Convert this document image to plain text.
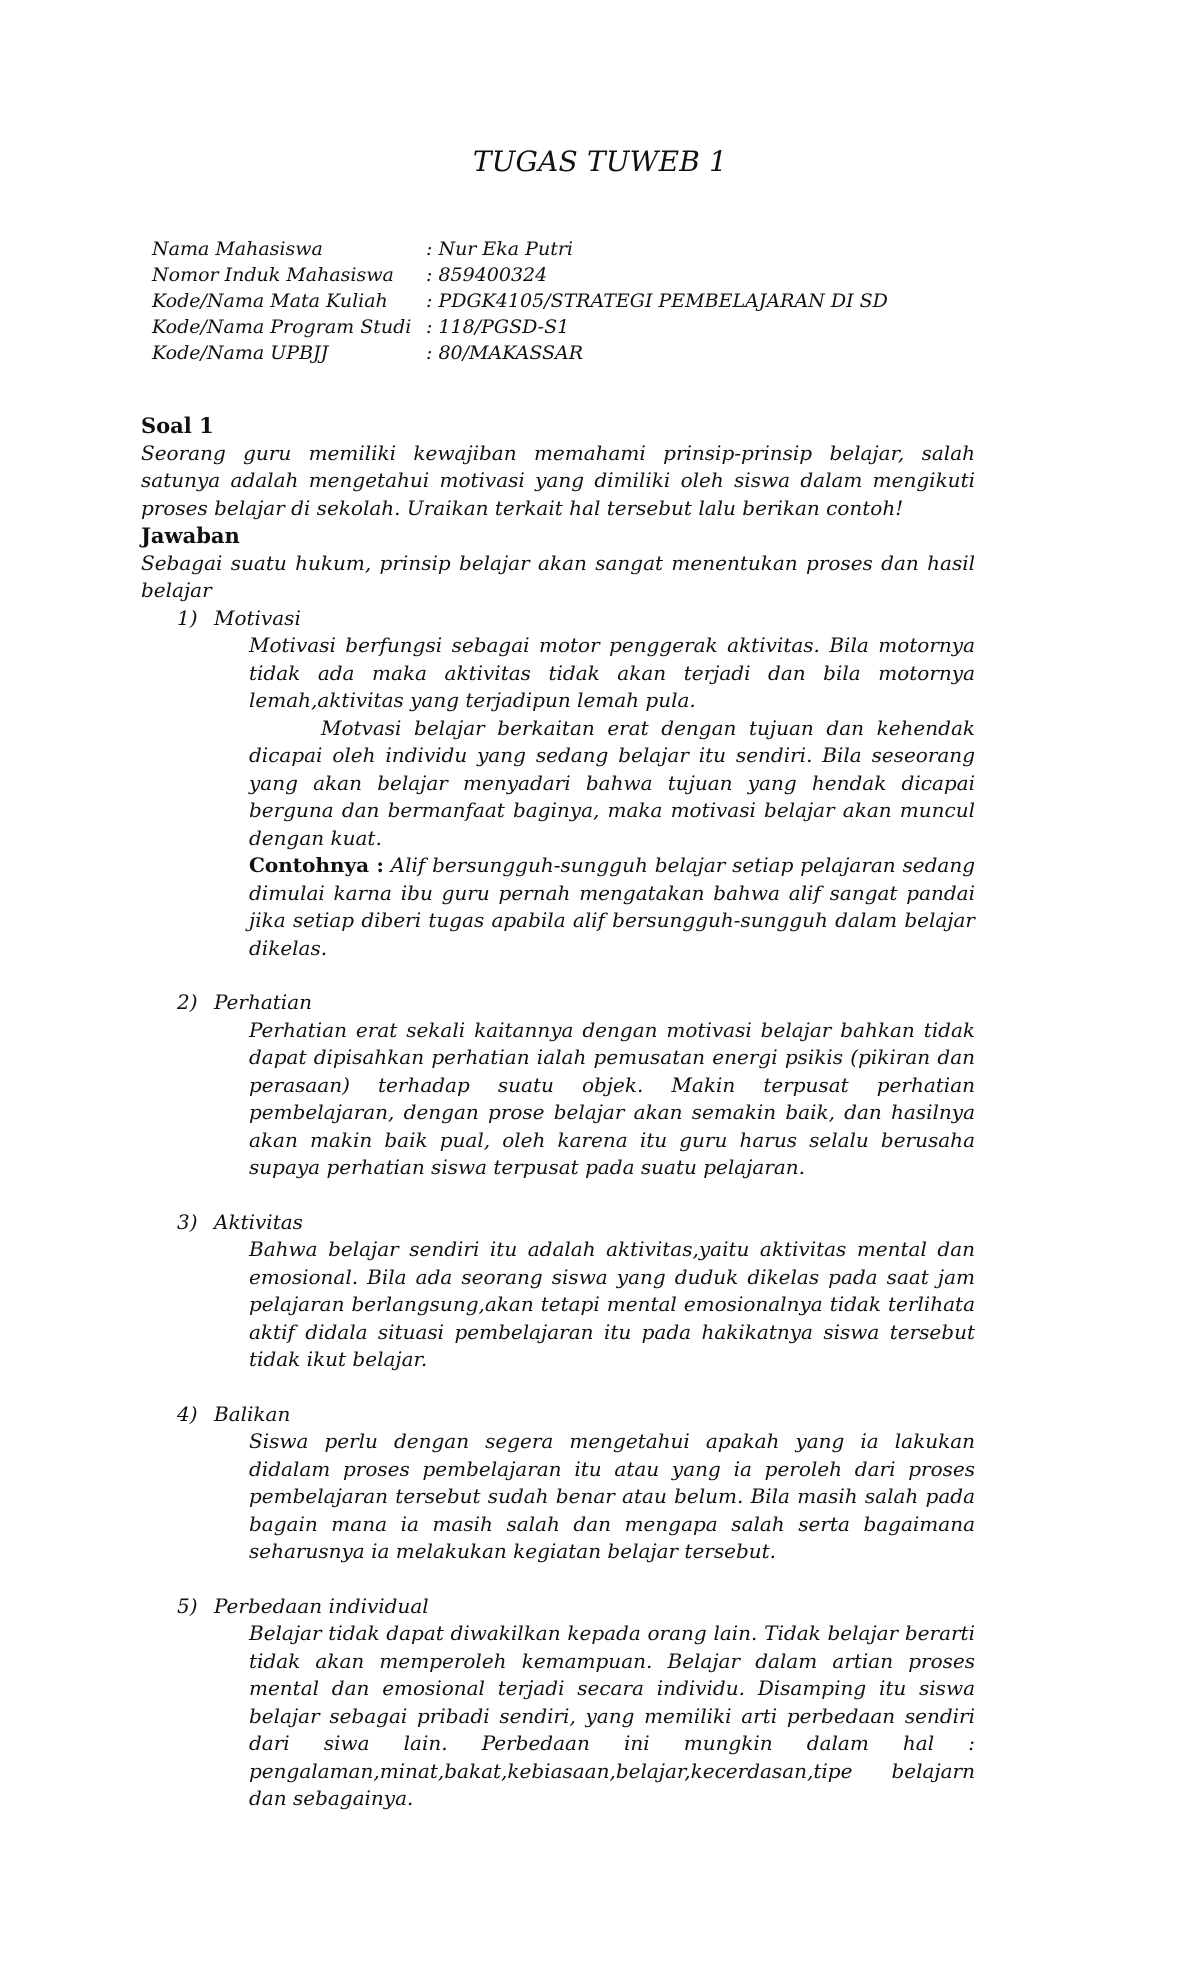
TUGAS TUWEB 1
Nama Mahasiswa	: Nur Eka Putri
Nomor Induk Mahasiswa	: 859400324
Kode/Nama Mata Kuliah	: PDGK4105/STRATEGI PEMBELAJARAN DI SD
Kode/Nama Program Studi : 118/PGSD-S1
Kode/Nama UPBJJ	: 80/MAKASSAR
Soal 1
Seorang guru memiliki kewajiban memahami prinsip-prinsip belajar, salah satunya adalah mengetahui motivasi yang dimiliki oleh siswa dalam mengikuti proses belajar di sekolah. Uraikan terkait hal tersebut lalu berikan contoh!
Jawaban
Sebagai suatu hukum, prinsip belajar akan sangat menentukan proses dan hasil belajar
1) Motivasi
Motivasi berfungsi sebagai motor penggerak aktivitas. Bila motornya tidak ada maka aktivitas tidak akan terjadi dan bila motornya lemah,aktivitas yang terjadipun lemah pula.
Motvasi belajar berkaitan erat dengan tujuan dan kehendak dicapai oleh individu yang sedang belajar itu sendiri. Bila seseorang yang akan belajar menyadari bahwa tujuan yang hendak dicapai berguna dan bermanfaat baginya, maka motivasi belajar akan muncul dengan kuat.
Contohnya : Alif bersungguh-sungguh belajar setiap pelajaran sedang dimulai karna ibu guru pernah mengatakan bahwa alif sangat pandai jika setiap diberi tugas apabila alif bersungguh-sungguh dalam belajar dikelas.
2) Perhatian
Perhatian erat sekali kaitannya dengan motivasi belajar bahkan tidak dapat dipisahkan perhatian ialah pemusatan energi psikis (pikiran dan perasaan) terhadap suatu objek. Makin terpusat perhatian pembelajaran, dengan prose belajar akan semakin baik, dan hasilnya akan makin baik pual, oleh karena itu guru harus selalu berusaha supaya perhatian siswa terpusat pada suatu pelajaran.
3) Aktivitas
Bahwa belajar sendiri itu adalah aktivitas,yaitu aktivitas mental dan emosional. Bila ada seorang siswa yang duduk dikelas pada saat jam pelajaran berlangsung,akan tetapi mental emosionalnya tidak terlihata aktif didala situasi pembelajaran itu pada hakikatnya siswa tersebut tidak ikut belajar.
4) Balikan
Siswa perlu dengan segera mengetahui apakah yang ia lakukan didalam proses pembelajaran itu atau yang ia peroleh dari proses pembelajaran tersebut sudah benar atau belum. Bila masih salah pada bagain mana ia masih salah dan mengapa salah serta bagaimana seharusnya ia melakukan kegiatan belajar tersebut.
5) Perbedaan individual
Belajar tidak dapat diwakilkan kepada orang lain. Tidak belajar berarti tidak akan memperoleh kemampuan. Belajar dalam artian proses mental dan emosional terjadi secara individu. Disamping itu siswa belajar sebagai pribadi sendiri, yang memiliki arti perbedaan sendiri dari siwa lain. Perbedaan ini mungkin dalam hal : pengalaman,minat,bakat,kebiasaan,belajar,kecerdasan,tipe belajarn dan sebagainya.
